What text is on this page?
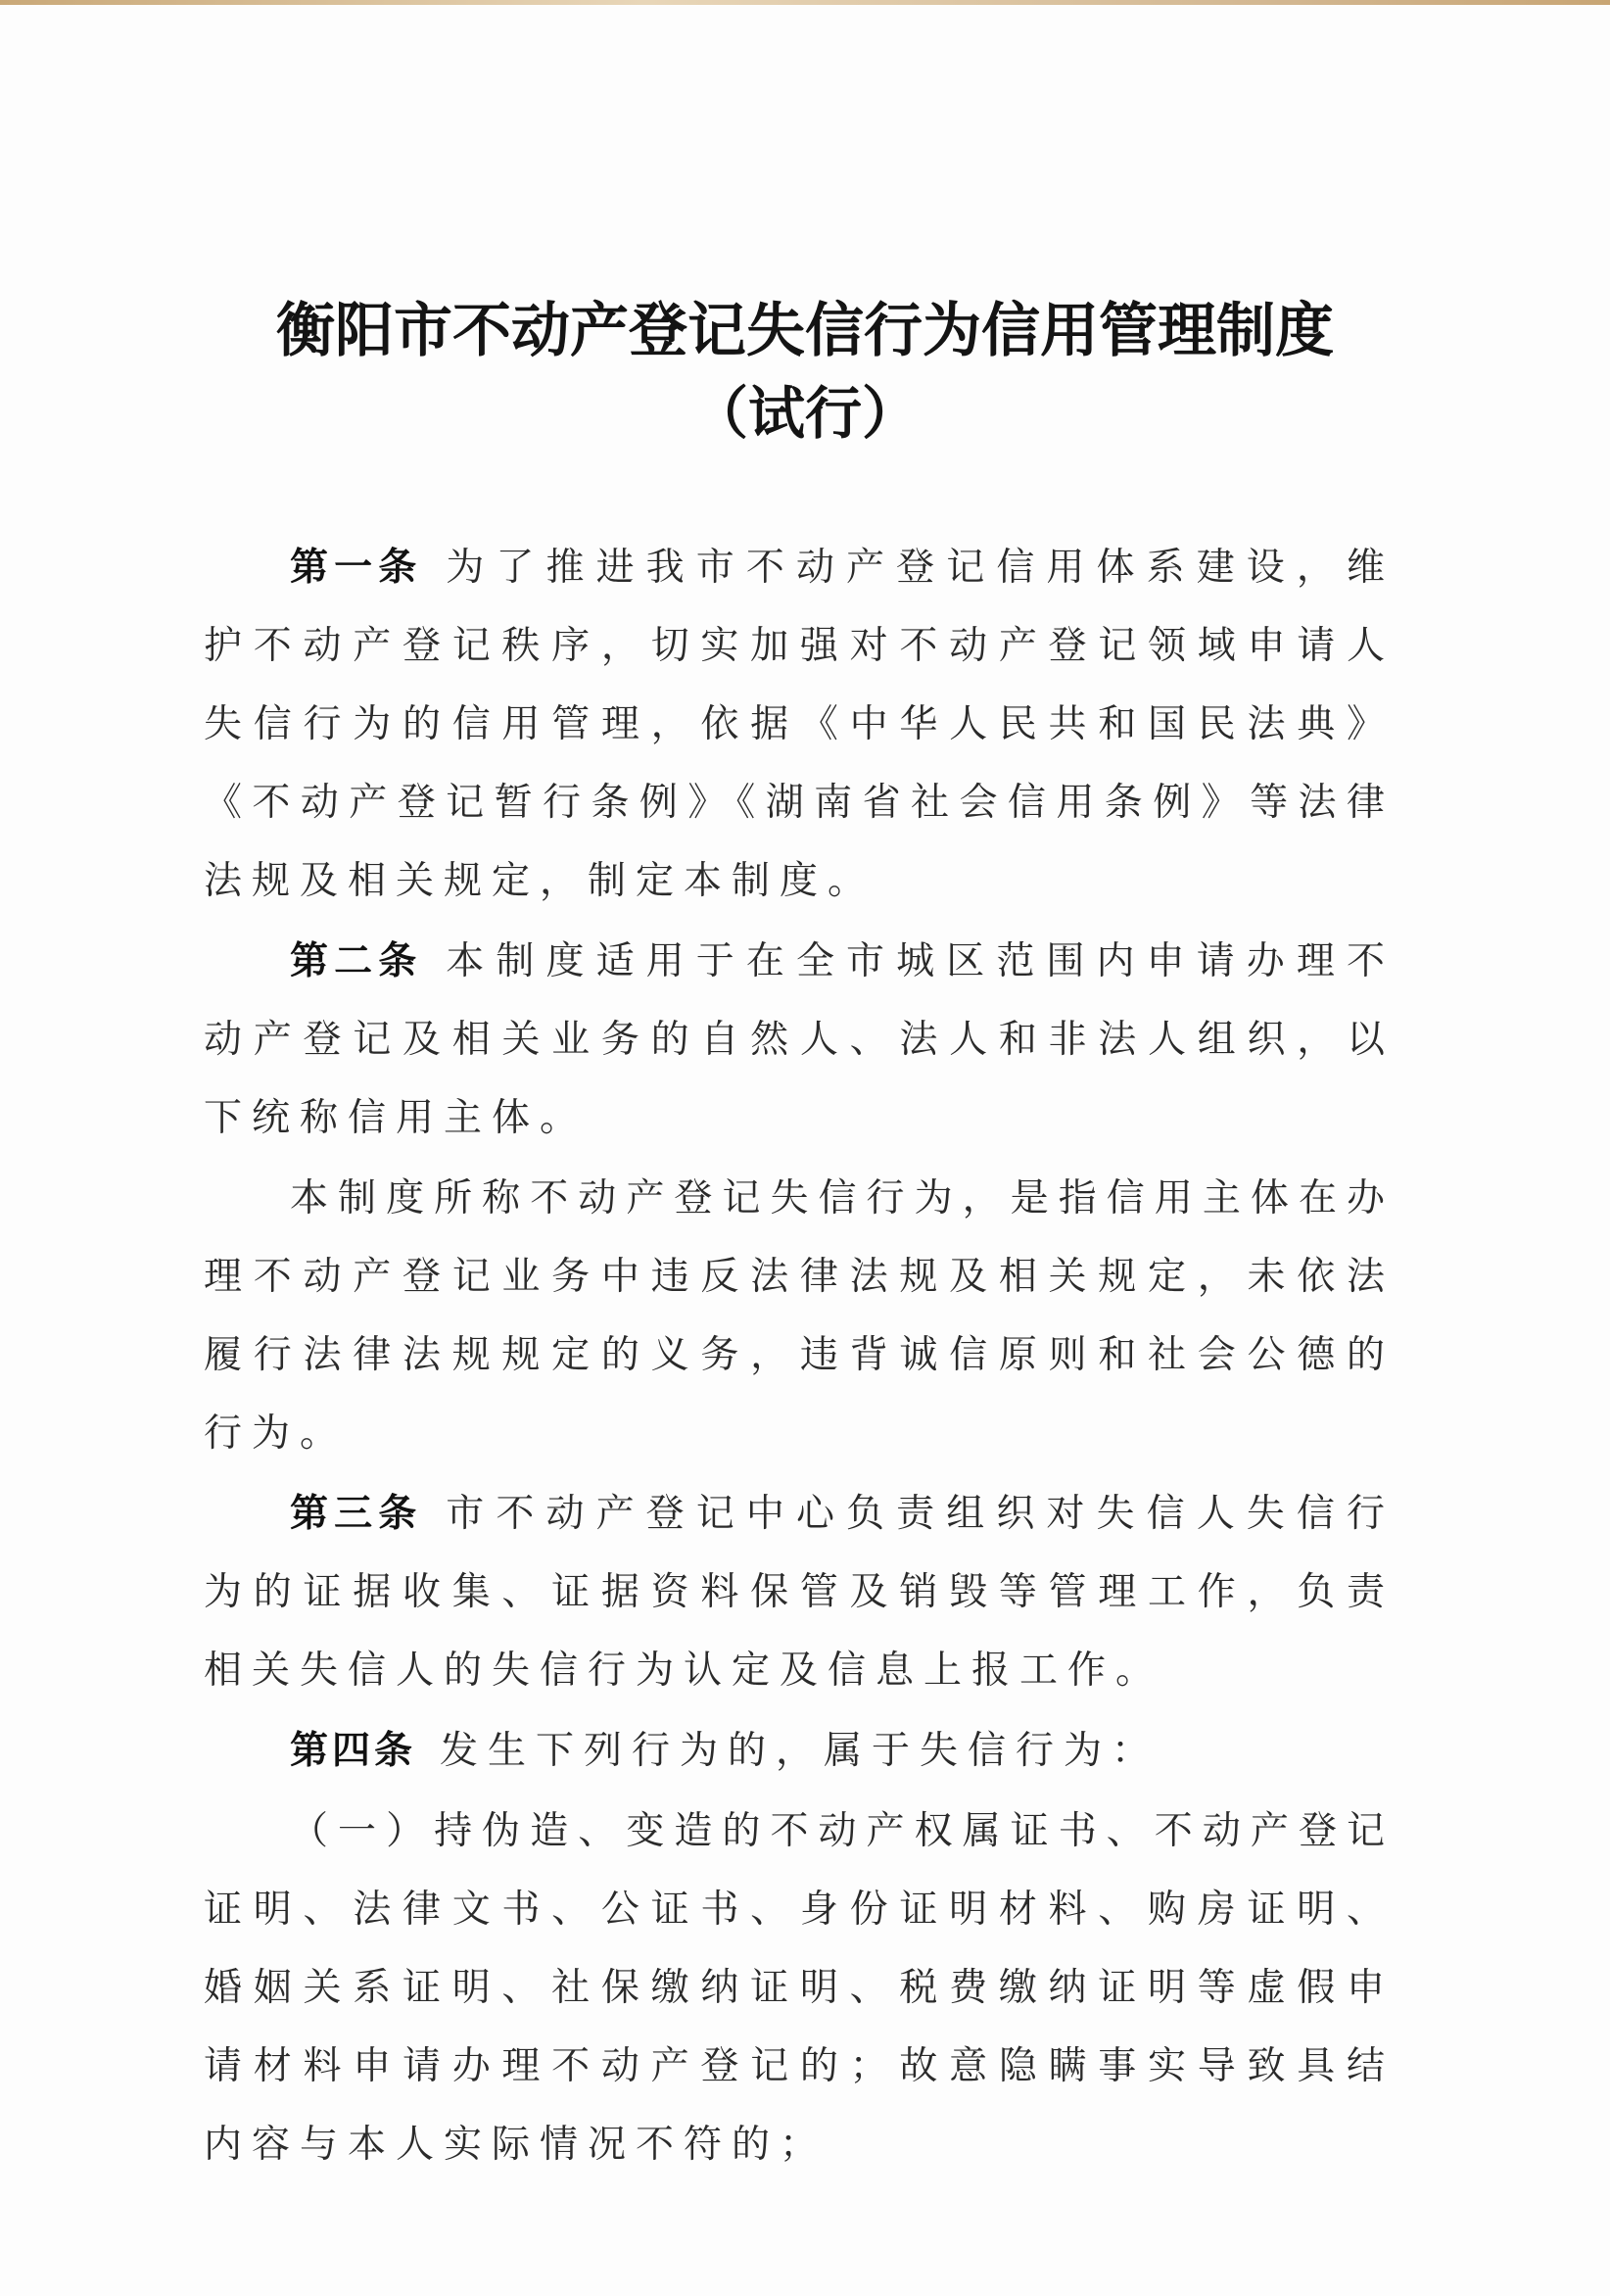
衡阳市不动产登记失信行为信用管理制度
（试行）

第一条 为了推进我市不动产登记信用体系建设，维护不动产登记秩序，切实加强对不动产登记领域申请人失信行为的信用管理，依据《中华人民共和国民法典》《不动产登记暂行条例》《湖南省社会信用条例》等法律法规及相关规定，制定本制度。

第二条 本制度适用于在全市城区范围内申请办理不动产登记及相关业务的自然人、法人和非法人组织，以下统称信用主体。

本制度所称不动产登记失信行为，是指信用主体在办理不动产登记业务中违反法律法规及相关规定，未依法履行法律法规规定的义务，违背诚信原则和社会公德的行为。

第三条 市不动产登记中心负责组织对失信人失信行为的证据收集、证据资料保管及销毁等管理工作，负责相关失信人的失信行为认定及信息上报工作。

第四条 发生下列行为的，属于失信行为：

（一）持伪造、变造的不动产权属证书、不动产登记证明、法律文书、公证书、身份证明材料、购房证明、婚姻关系证明、社保缴纳证明、税费缴纳证明等虚假申请材料申请办理不动产登记的；故意隐瞒事实导致具结内容与本人实际情况不符的；
